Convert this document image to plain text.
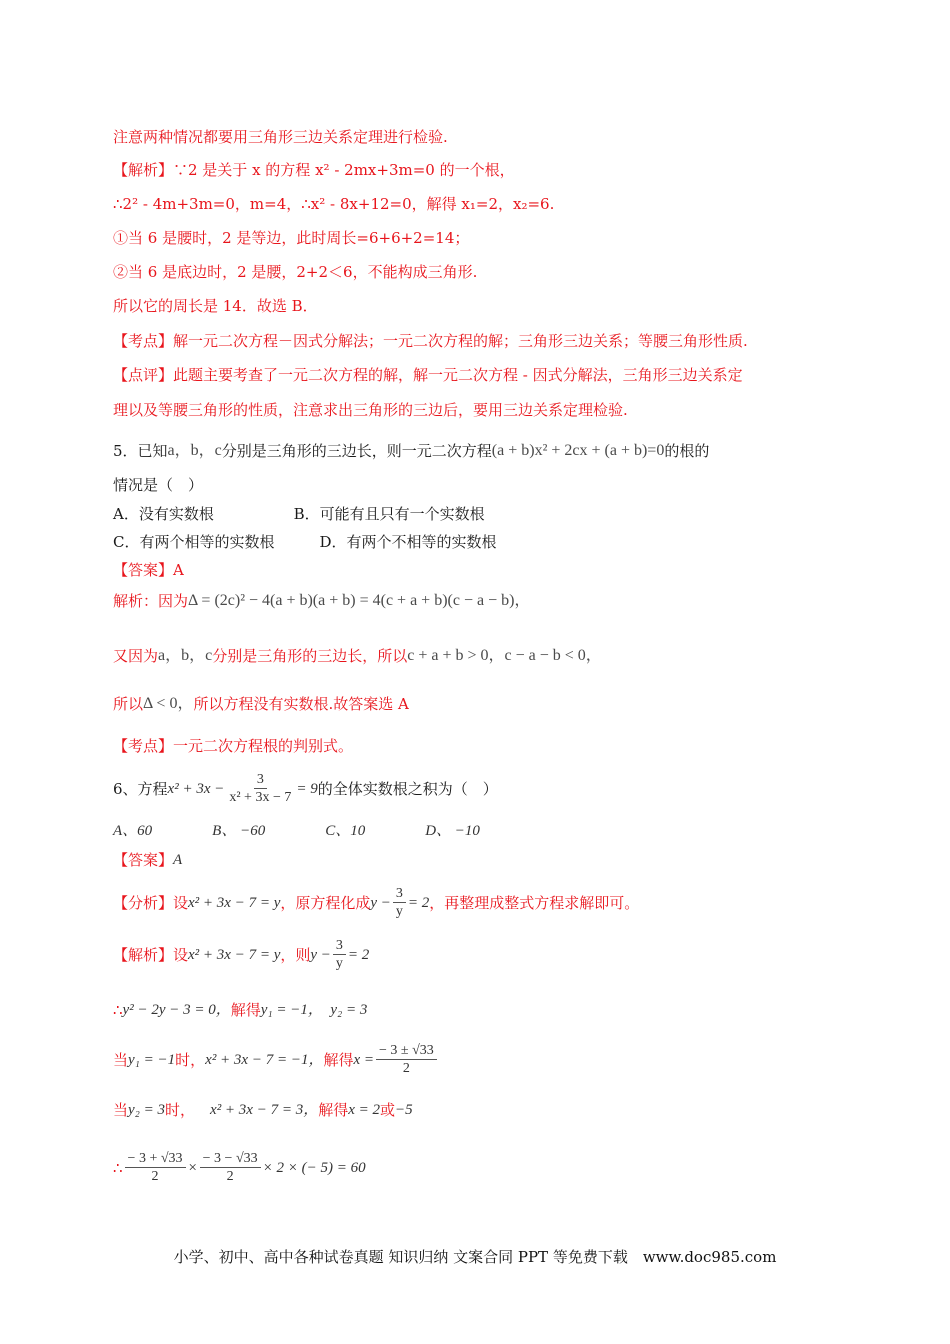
注意两种情况都要用三角形三边关系定理进行检验.
【解析】∵2 是关于 x 的方程 x² - 2mx+3m=0 的一个根，
∴2² - 4m+3m=0，m=4，∴x² - 8x+12=0，解得 x₁=2，x₂=6.
①当 6 是腰时，2 是等边，此时周长=6+6+2=14；
②当 6 是底边时，2 是腰，2+2＜6，不能构成三角形.
所以它的周长是 14．故选 B．
【考点】解一元二次方程－因式分解法；一元二次方程的解；三角形三边关系；等腰三角形性质.
【点评】此题主要考查了一元二次方程的解，解一元二次方程 - 因式分解法，三角形三边关系定
理以及等腰三角形的性质，注意求出三角形的三边后，要用三边关系定理检验.
5．已知 a，b，c 分别是三角形的三边长，则一元二次方程 (a + b)x² + 2cx + (a + b)=0 的根的
情况是（　）
A．没有实数根 　　　　　 B．可能有且只有一个实数根
C．有两个相等的实数根 　　　D．有两个不相等的实数根
【答案】A
解析：因为 Δ = (2c)² − 4(a + b)(a + b) = 4(c + a + b)(c − a − b)，
又因为 a，b，c 分别是三角形的三边长，所以 c + a + b > 0，c − a − b < 0，
所以 Δ < 0， 所以方程没有实数根.故答案选 A
【考点】一元二次方程根的判别式。
6、方程 $x^2 + 3x - \frac{3}{\text{x² + 3x − 7}} = 9$ 的全体实数根之积为（　）
A、60　　　　B、 −60　　　　C、10　　　　D、 −10
【答案】 A
【分析】设 x² + 3x − 7 = y ，原方程化成 $y - \frac{3}{y} = 2$ ，再整理成整式方程求解即可。
【解析】设 x² + 3x − 7 = y ，则 $y - \frac{3}{y} = 2$
∴ y² − 2y − 3 = 0， 解得 y₁ = −1，　y₂ = 3
当 y₁ = −1 时， x² + 3x − 7 = −1， 解得 $x = \frac{- 3 \pm √33}{2}$
当 y₂ = 3 时， 　x² + 3x − 7 = 3， 解得 x = 2 或 −5
∴ $\frac{- 3 + √33}{2} \times \frac{- 3 - √33}{2} \times 2$ × (− 5) = 60
小学、初中、高中各种试卷真题 知识归纳 文案合同 PPT 等免费下载　www.doc985.com
